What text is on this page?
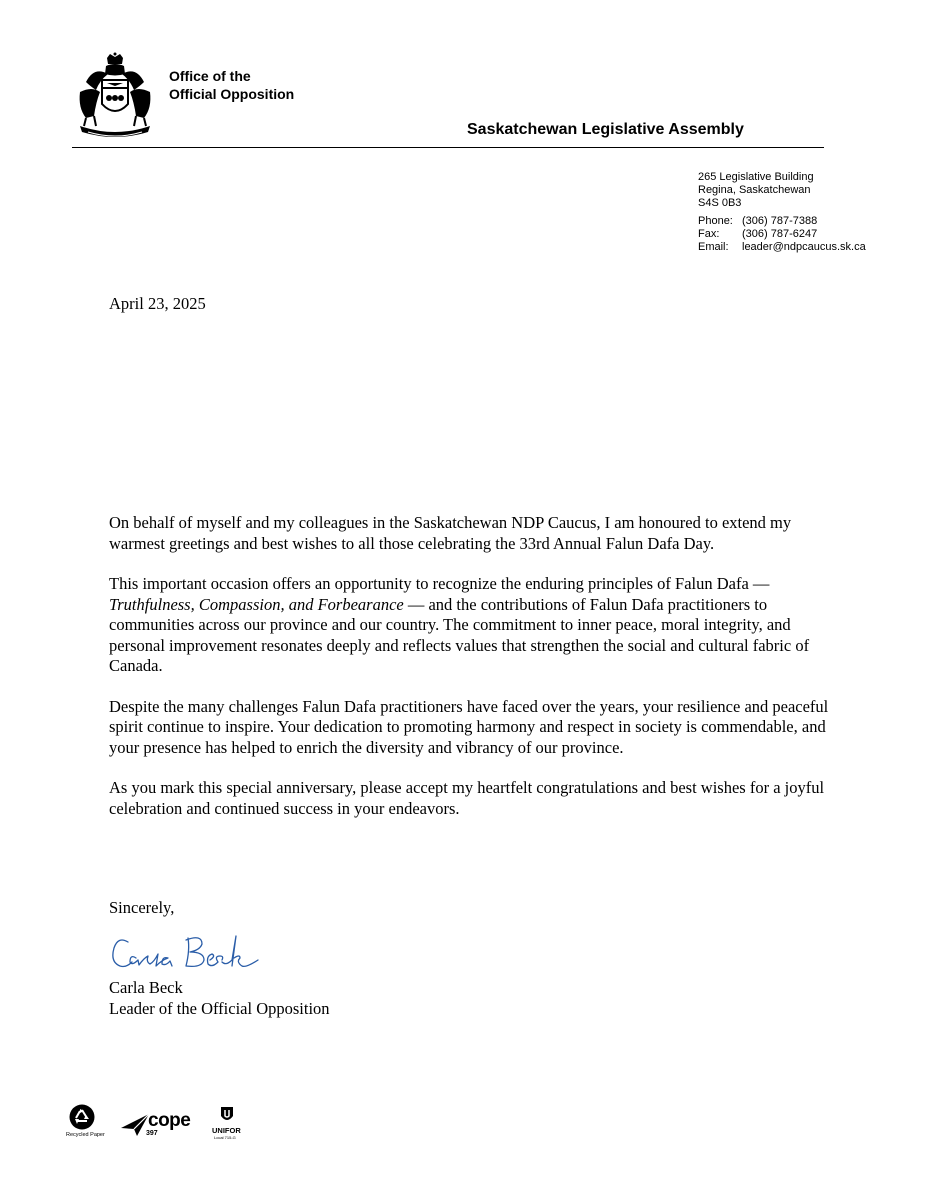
Office of the
Official Opposition
Saskatchewan Legislative Assembly
265 Legislative Building
Regina, Saskatchewan
S4S 0B3
Phone: (306) 787-7388
Fax:	(306) 787-6247
Email:	leader@ndpcaucus.sk.ca
April 23, 2025

On behalf of myself and my colleagues in the Saskatchewan NDP Caucus, I am honoured to extend my warmest greetings and best wishes to all those celebrating the 33rd Annual Falun Dafa Day.

This important occasion offers an opportunity to recognize the enduring principles of Falun Dafa — Truthfulness, Compassion, and Forbearance — and the contributions of Falun Dafa practitioners to communities across our province and our country. The commitment to inner peace, moral integrity, and personal improvement resonates deeply and reflects values that strengthen the social and cultural fabric of Canada.

Despite the many challenges Falun Dafa practitioners have faced over the years, your resilience and peaceful spirit continue to inspire. Your dedication to promoting harmony and respect in society is commendable, and your presence has helped to enrich the diversity and vibrancy of our province.

As you mark this special anniversary, please accept my heartfelt congratulations and best wishes for a joyful celebration and continued success in your endeavors.

Sincerely,
Carla Beck
Leader of the Official Opposition
Recycled Paper
cope
397	UNIFOR
Local 715-G
